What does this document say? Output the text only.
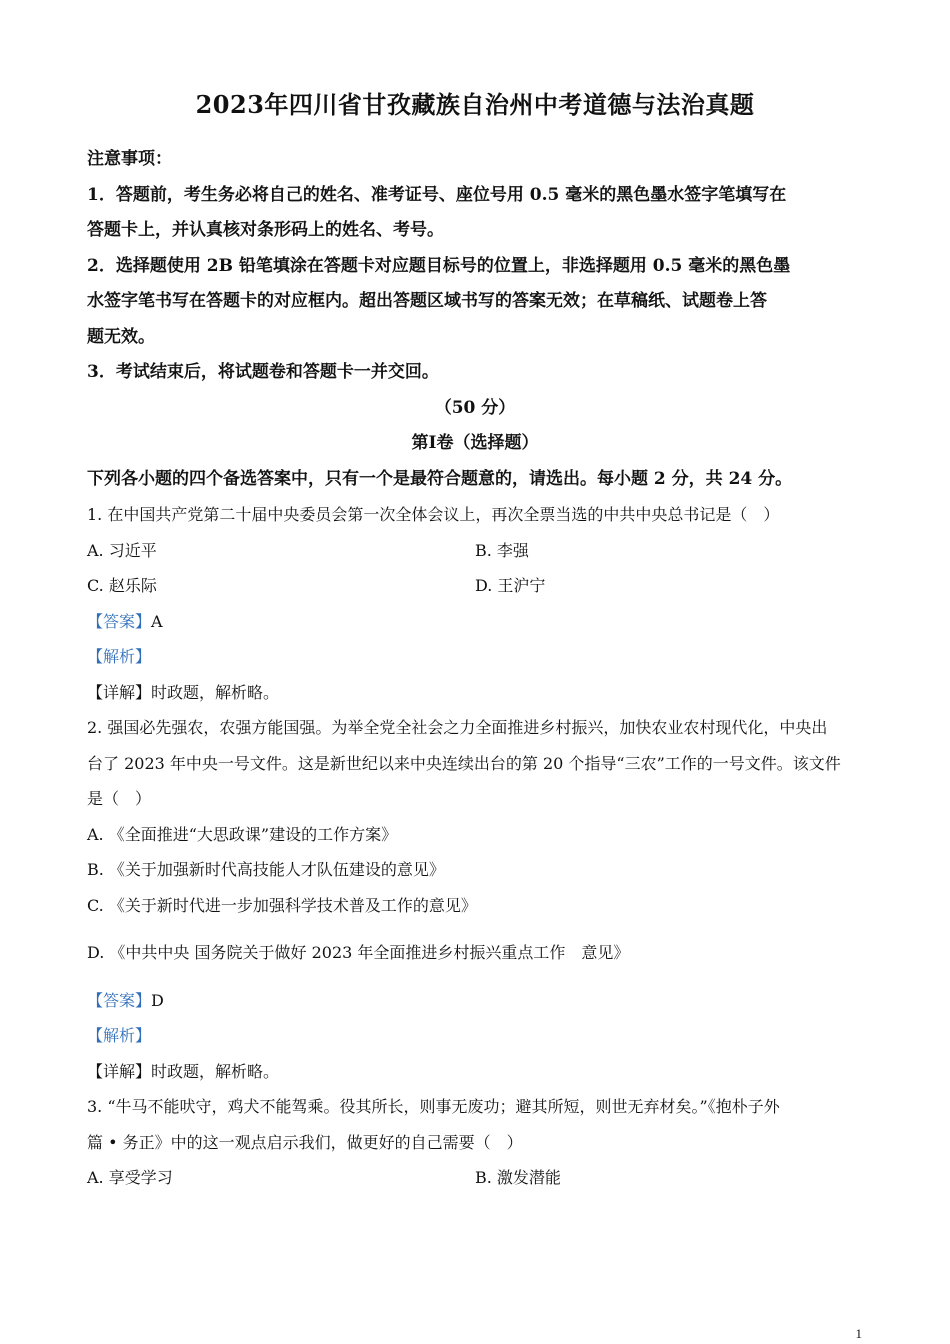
2023年四川省甘孜藏族自治州中考道德与法治真题

注意事项：

1．答题前，考生务必将自己的姓名、准考证号、座位号用 0.5 毫米的黑色墨水签字笔填写在

答题卡上，并认真核对条形码上的姓名、考号。

2．选择题使用 2B 铅笔填涂在答题卡对应题目标号的位置上，非选择题用 0.5 毫米的黑色墨

水签字笔书写在答题卡的对应框内。超出答题区域书写的答案无效；在草稿纸、试题卷上答

题无效。

3．考试结束后，将试题卷和答题卡一并交回。

（50 分）

第Ⅰ卷（选择题）

下列各小题的四个备选答案中，只有一个是最符合题意的，请选出。每小题 2 分，共 24 分。

1. 在中国共产党第二十届中央委员会第一次全体会议上，再次全票当选的中共中央总书记是（　）

A. 习近平	B. 李强
C. 赵乐际	D. 王沪宁

【答案】A

【解析】

【详解】时政题，解析略。

2. 强国必先强农，农强方能国强。为举全党全社会之力全面推进乡村振兴，加快农业农村现代化，中央出

台了 2023 年中央一号文件。这是新世纪以来中央连续出台的第 20 个指导“三农”工作的一号文件。该文件

是（　）

A. 《全面推进“大思政课”建设的工作方案》

B. 《关于加强新时代高技能人才队伍建设的意见》

C. 《关于新时代进一步加强科学技术普及工作的意见》

D. 《中共中央 国务院关于做好 2023 年全面推进乡村振兴重点工作　意见》

【答案】D

【解析】

【详解】时政题，解析略。

3. “牛马不能吠守，鸡犬不能驾乘。役其所长，则事无废功；避其所短，则世无弃材矣。”《抱朴子外

篇 • 务正》中的这一观点启示我们，做更好的自己需要（　）

A. 享受学习	B. 激发潜能
1
